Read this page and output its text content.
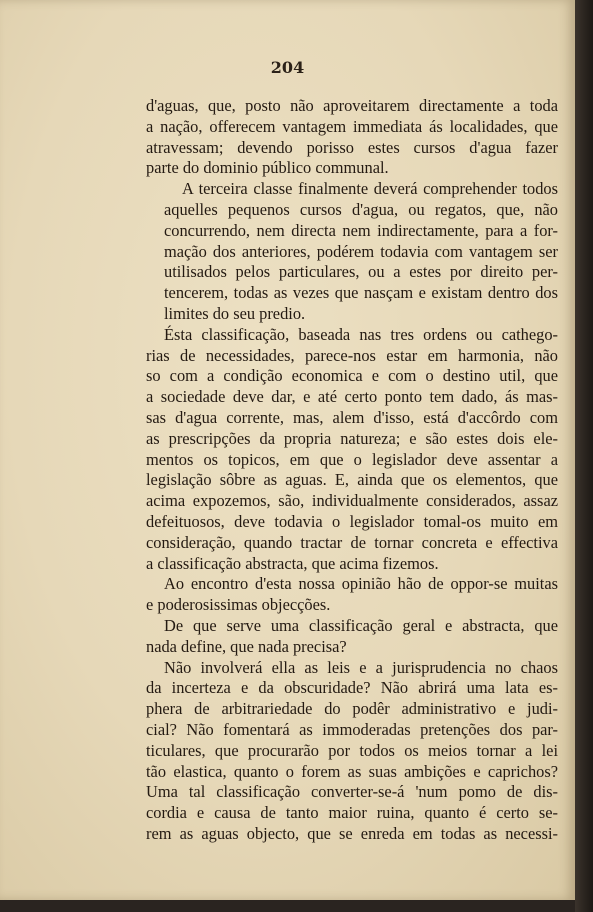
204

d'aguas, que, posto não aproveitarem directamente a toda
a nação, offerecem vantagem immediata ás localidades, que
atravessam; devendo porisso estes cursos d'agua fazer
parte do dominio público communal.
A terceira classe finalmente deverá comprehender todos
aquelles pequenos cursos d'agua, ou regatos, que, não
concurrendo, nem directa nem indirectamente, para a for-
mação dos anteriores, podérem todavia com vantagem ser
utilisados pelos particulares, ou a estes por direito per-
tencerem, todas as vezes que nasçam e existam dentro dos
limites do seu predio.
Ésta classificação, baseada nas tres ordens ou cathego-
rias de necessidades, parece-nos estar em harmonia, não
so com a condição economica e com o destino util, que
a sociedade deve dar, e até certo ponto tem dado, ás mas-
sas d'agua corrente, mas, alem d'isso, está d'accôrdo com
as prescripções da propria natureza; e são estes dois ele-
mentos os topicos, em que o legislador deve assentar a
legislação sôbre as aguas. E, ainda que os elementos, que
acima expozemos, são, individualmente considerados, assaz
defeituosos, deve todavia o legislador tomal-os muito em
consideração, quando tractar de tornar concreta e effectiva
a classificação abstracta, que acima fizemos.
Ao encontro d'esta nossa opinião hão de oppor-se muitas
e poderosissimas objecções.
De que serve uma classificação geral e abstracta, que
nada define, que nada precisa?
Não involverá ella as leis e a jurisprudencia no chaos
da incerteza e da obscuridade? Não abrirá uma lata es-
phera de arbitrariedade do podêr administrativo e judi-
cial? Não fomentará as immoderadas pretenções dos par-
ticulares, que procurarão por todos os meios tornar a lei
tão elastica, quanto o forem as suas ambições e caprichos?
Uma tal classificação converter-se-á 'num pomo de dis-
cordia e causa de tanto maior ruina, quanto é certo se-
rem as aguas objecto, que se enreda em todas as necessi-
